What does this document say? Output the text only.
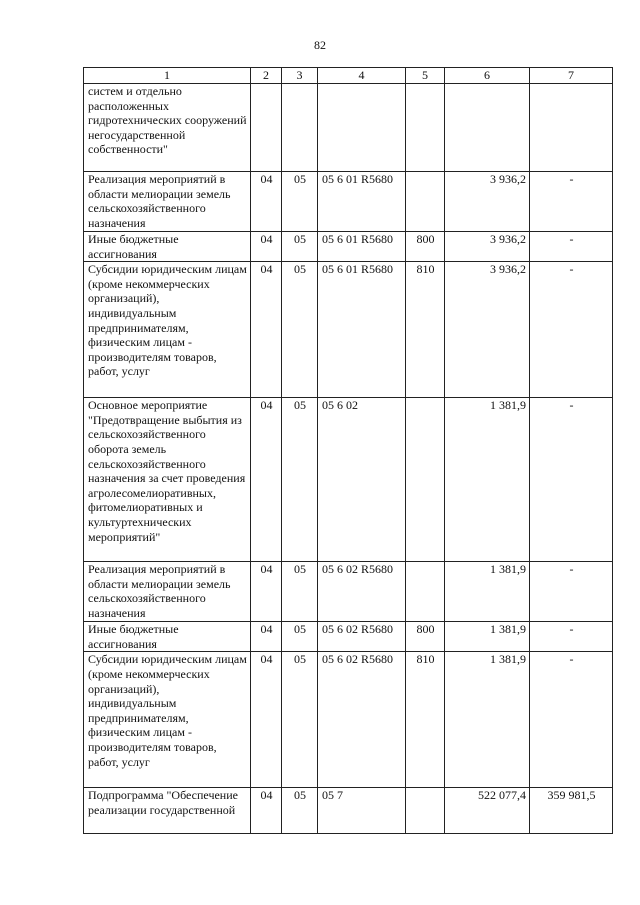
82
1	2	3	4	5	6	7
систем и отдельно расположенных гидротехнических сооружений негосударственной собственности"						
Реализация мероприятий в области мелиорации земель сельскохозяйственного назначения	04	05	05 6 01 R5680		3 936,2	-
Иные бюджетные ассигнования	04	05	05 6 01 R5680	800	3 936,2	-
Субсидии юридическим лицам (кроме некоммерческих организаций), индивидуальным предпринимателям, физическим лицам - производителям товаров, работ, услуг	04	05	05 6 01 R5680	810	3 936,2	-
Основное мероприятие "Предотвращение выбытия из сельскохозяйственного оборота земель сельскохозяйственного назначения за счет проведения агролесомелиоративных, фитомелиоративных и культуртехнических мероприятий"	04	05	05 6 02		1 381,9	-
Реализация мероприятий в области мелиорации земель сельскохозяйственного назначения	04	05	05 6 02 R5680		1 381,9	-
Иные бюджетные ассигнования	04	05	05 6 02 R5680	800	1 381,9	-
Субсидии юридическим лицам (кроме некоммерческих организаций), индивидуальным предпринимателям, физическим лицам - производителям товаров, работ, услуг	04	05	05 6 02 R5680	810	1 381,9	-
Подпрограмма "Обеспечение реализации государственной	04	05	05 7		522 077,4	359 981,5
